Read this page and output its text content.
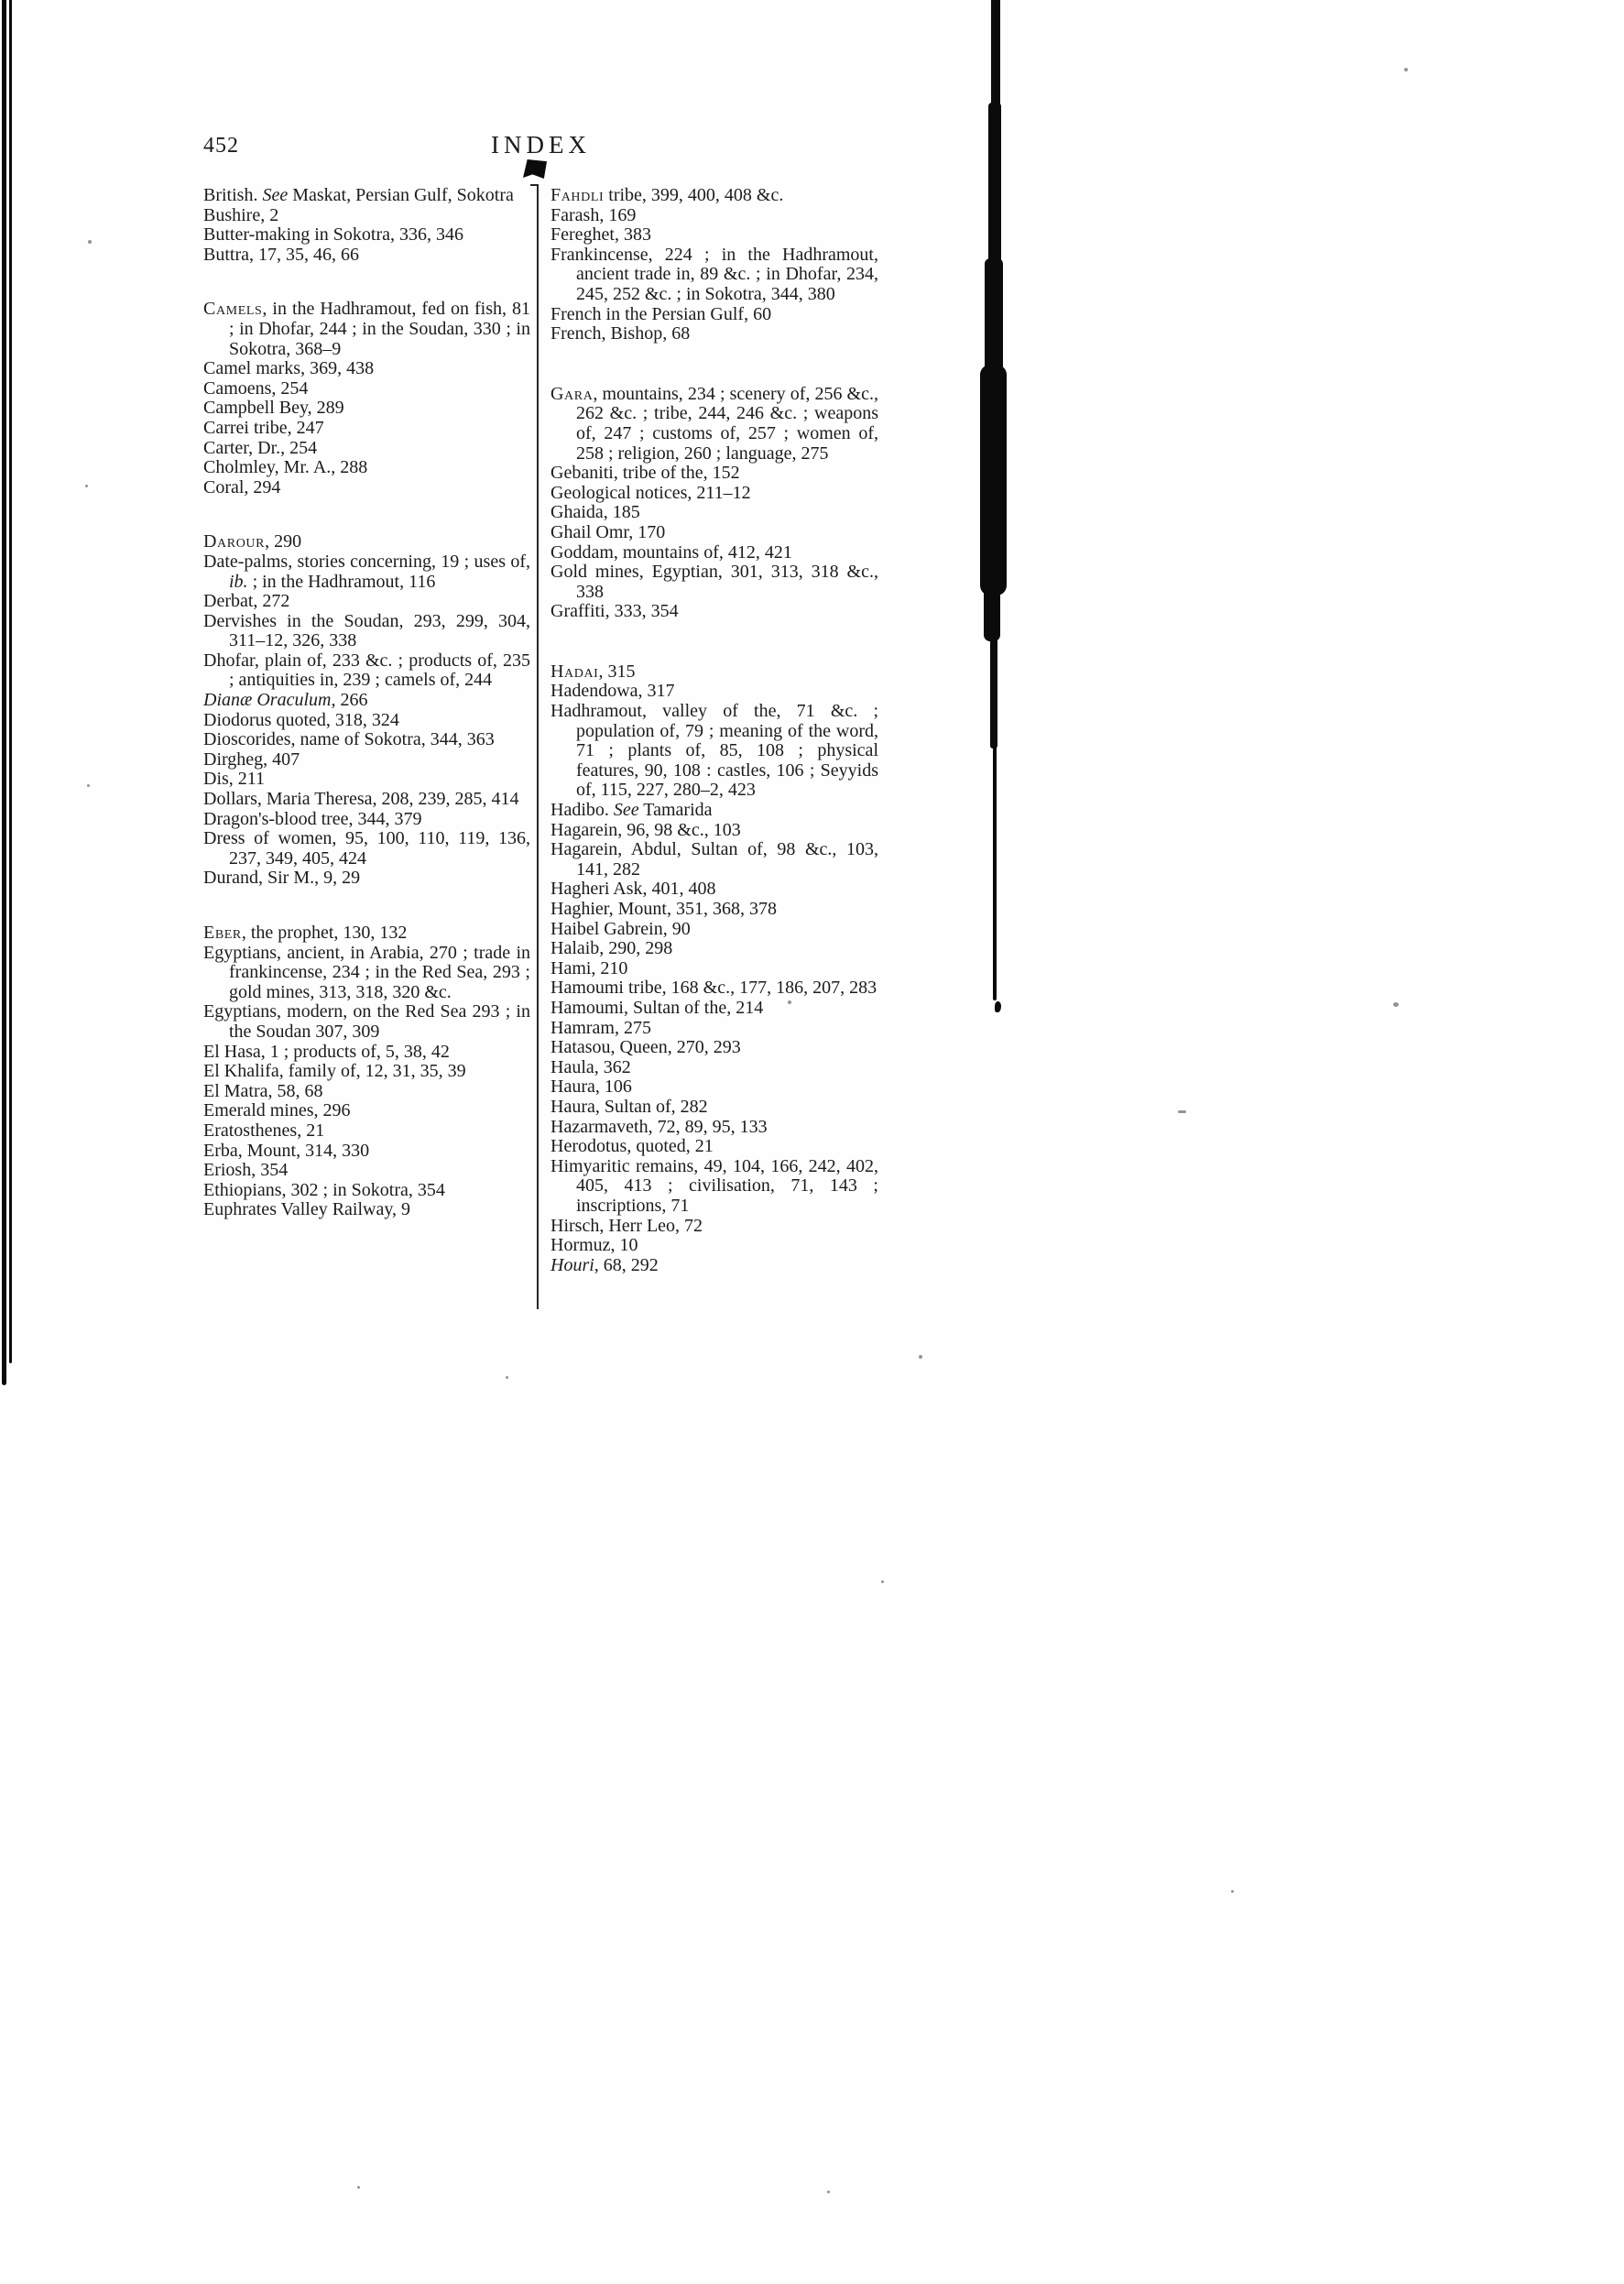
452	INDEX
British. See Maskat, Persian Gulf, Sokotra
Bushire, 2
Butter-making in Sokotra, 336, 346
Buttra, 17, 35, 46, 66
Camels, in the Hadhramout, fed on fish, 81 ; in Dhofar, 244 ; in the Soudan, 330 ; in Sokotra, 368–9
Camel marks, 369, 438
Camoens, 254
Campbell Bey, 289
Carrei tribe, 247
Carter, Dr., 254
Cholmley, Mr. A., 288
Coral, 294
Darour, 290
Date-palms, stories concerning, 19 ; uses of, ib. ; in the Hadhramout, 116
Derbat, 272
Dervishes in the Soudan, 293, 299, 304, 311–12, 326, 338
Dhofar, plain of, 233 &c. ; products of, 235 ; antiquities in, 239 ; camels of, 244
Dianæ Oraculum, 266
Diodorus quoted, 318, 324
Dioscorides, name of Sokotra, 344, 363
Dirgheg, 407
Dis, 211
Dollars, Maria Theresa, 208, 239, 285, 414
Dragon's-blood tree, 344, 379
Dress of women, 95, 100, 110, 119, 136, 237, 349, 405, 424
Durand, Sir M., 9, 29
Eber, the prophet, 130, 132
Egyptians, ancient, in Arabia, 270 ; trade in frankincense, 234 ; in the Red Sea, 293 ; gold mines, 313, 318, 320 &c.
Egyptians, modern, on the Red Sea 293 ; in the Soudan 307, 309
El Hasa, 1 ; products of, 5, 38, 42
El Khalifa, family of, 12, 31, 35, 39
El Matra, 58, 68
Emerald mines, 296
Eratosthenes, 21
Erba, Mount, 314, 330
Eriosh, 354
Ethiopians, 302 ; in Sokotra, 354
Euphrates Valley Railway, 9
Fahdli tribe, 399, 400, 408 &c.
Farash, 169
Fereghet, 383
Frankincense, 224 ; in the Hadhramout, ancient trade in, 89 &c. ; in Dhofar, 234, 245, 252 &c. ; in Sokotra, 344, 380
French in the Persian Gulf, 60
French, Bishop, 68
Gara, mountains, 234 ; scenery of, 256 &c., 262 &c. ; tribe, 244, 246 &c. ; weapons of, 247 ; customs of, 257 ; women of, 258 ; religion, 260 ; language, 275
Gebaniti, tribe of the, 152
Geological notices, 211–12
Ghaida, 185
Ghail Omr, 170
Goddam, mountains of, 412, 421
Gold mines, Egyptian, 301, 313, 318 &c., 338
Graffiti, 333, 354
Hadai, 315
Hadendowa, 317
Hadhramout, valley of the, 71 &c. ; population of, 79 ; meaning of the word, 71 ; plants of, 85, 108 ; physical features, 90, 108 : castles, 106 ; Seyyids of, 115, 227, 280–2, 423
Hadibo. See Tamarida
Hagarein, 96, 98 &c., 103
Hagarein, Abdul, Sultan of, 98 &c., 103, 141, 282
Hagheri Ask, 401, 408
Haghier, Mount, 351, 368, 378
Haibel Gabrein, 90
Halaib, 290, 298
Hami, 210
Hamoumi tribe, 168 &c., 177, 186, 207, 283
Hamoumi, Sultan of the, 214
Hamram, 275
Hatasou, Queen, 270, 293
Haula, 362
Haura, 106
Haura, Sultan of, 282
Hazarmaveth, 72, 89, 95, 133
Herodotus, quoted, 21
Himyaritic remains, 49, 104, 166, 242, 402, 405, 413 ; civilisation, 71, 143 ; inscriptions, 71
Hirsch, Herr Leo, 72
Hormuz, 10
Houri, 68, 292
